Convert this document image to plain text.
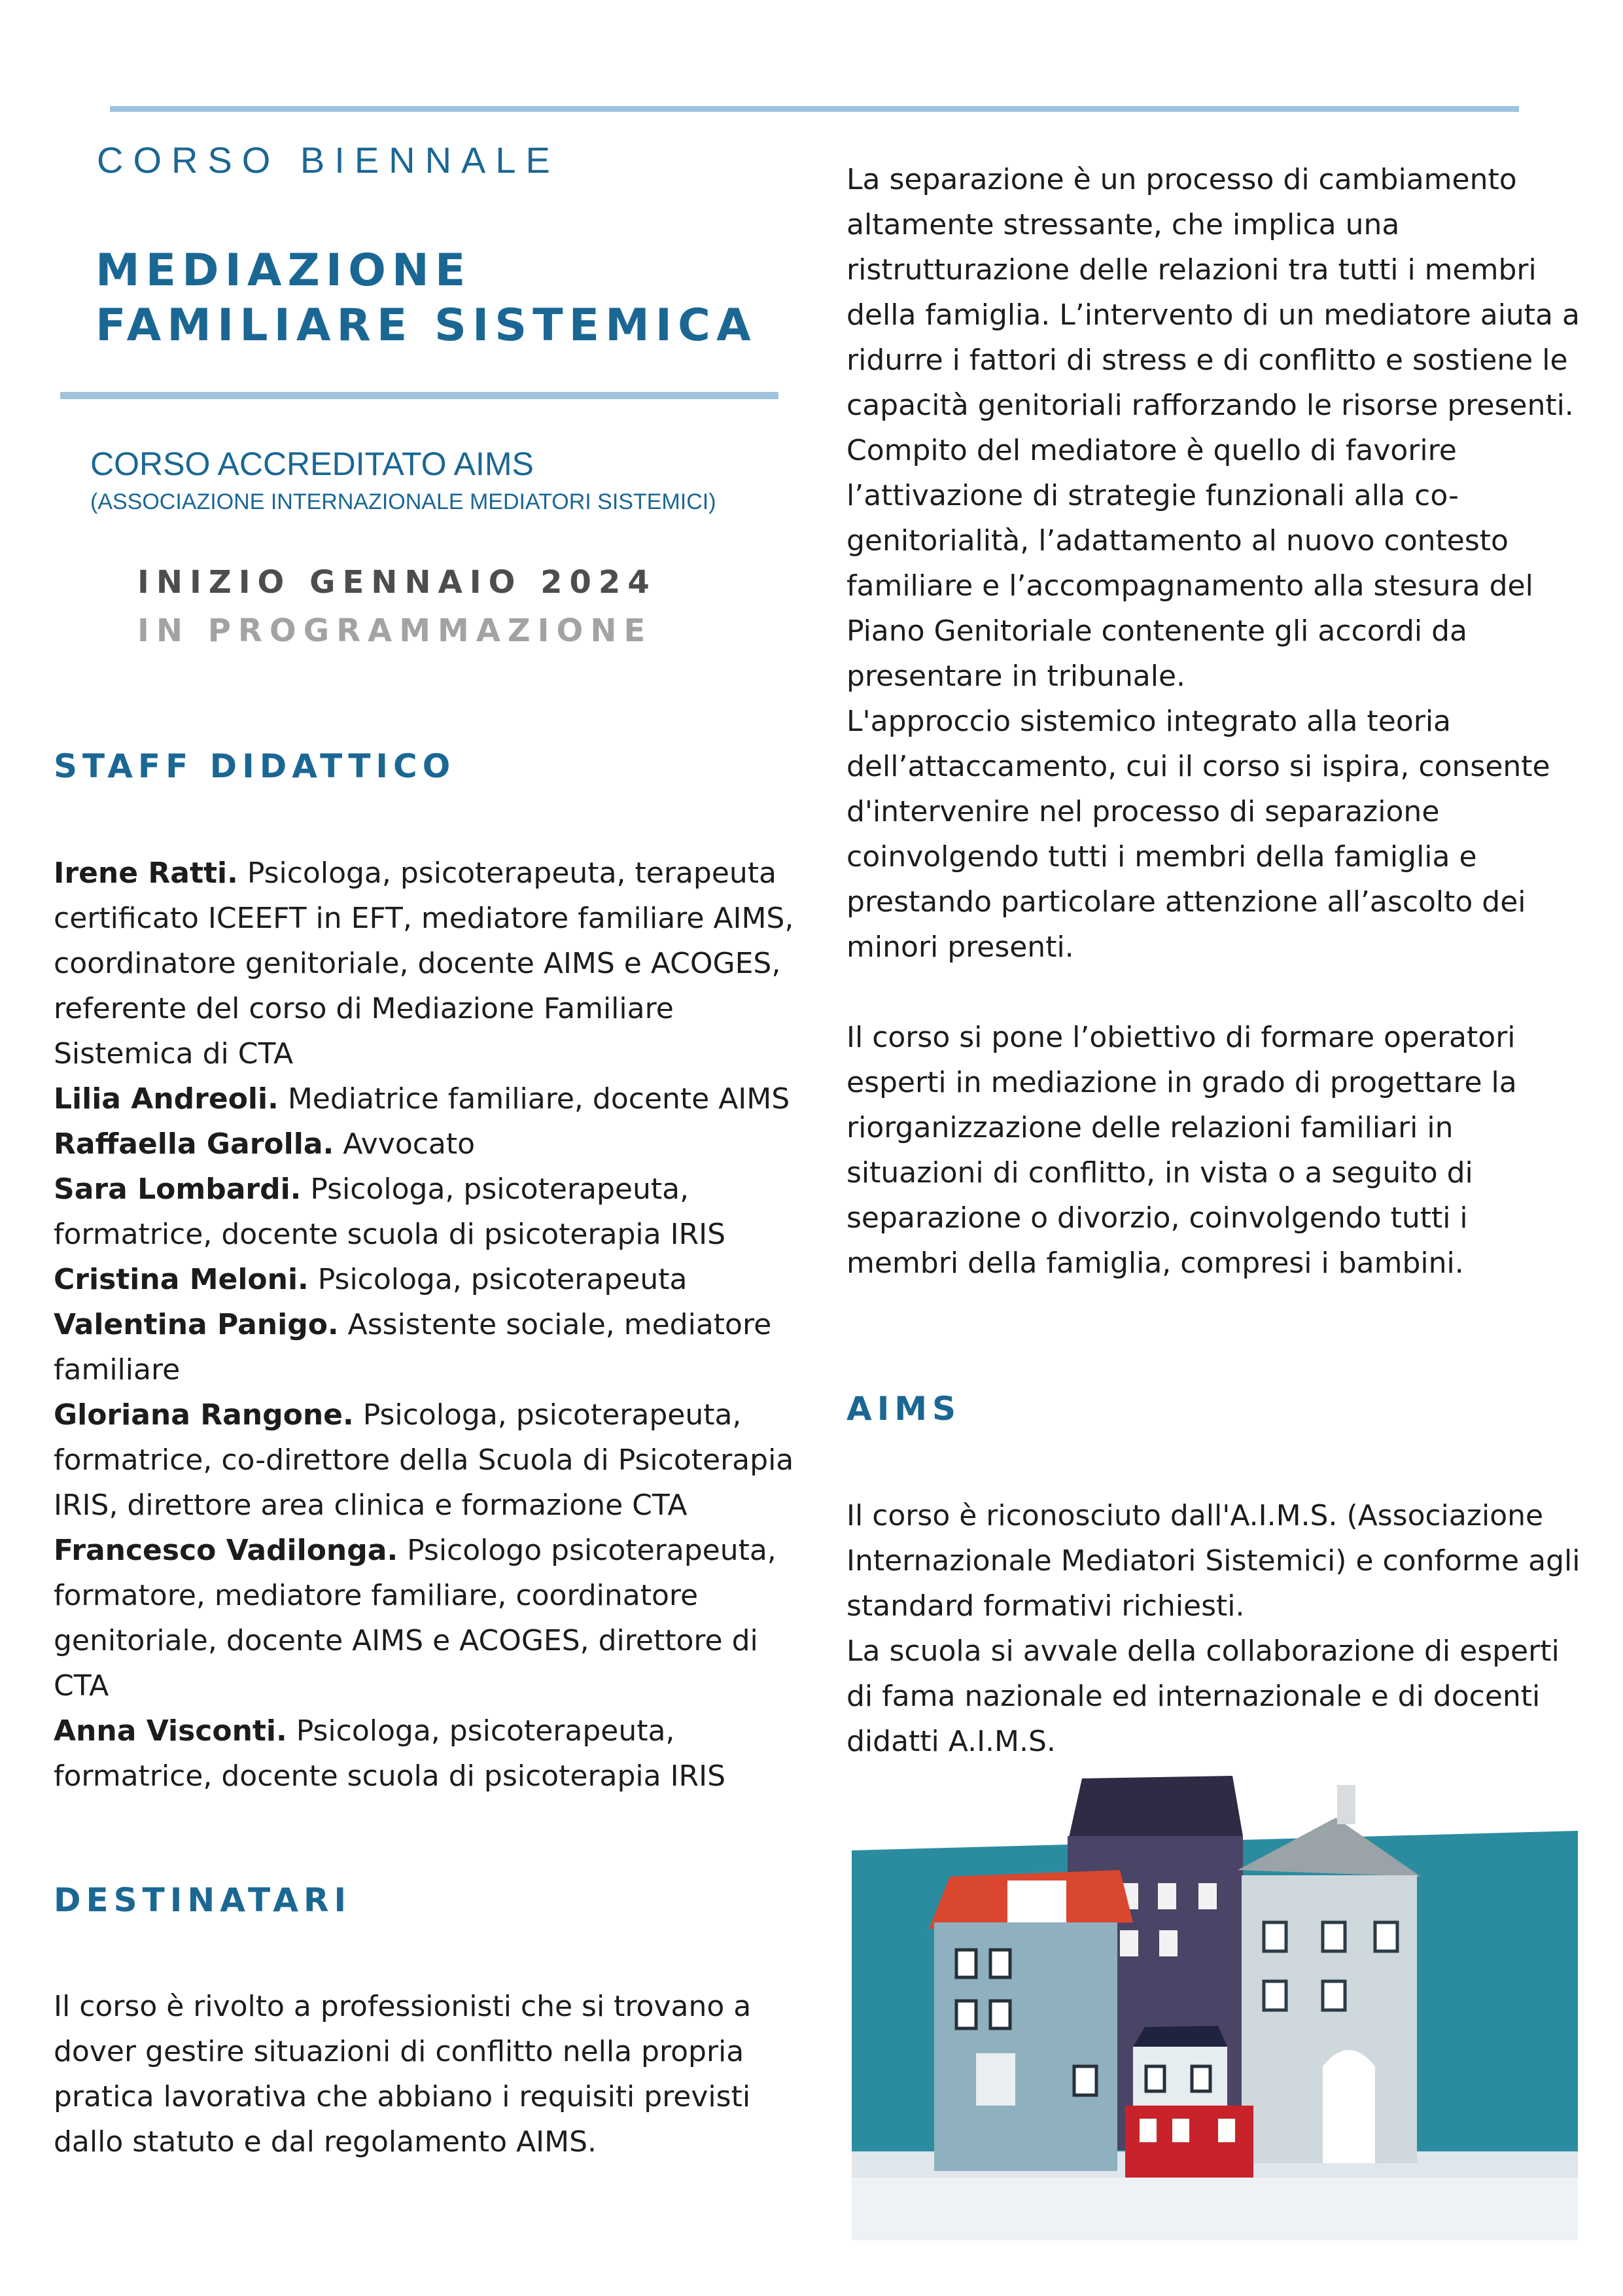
CORSO BIENNALE
MEDIAZIONE
FAMILIARE SISTEMICA
CORSO ACCREDITATO AIMS
(ASSOCIAZIONE INTERNAZIONALE MEDIATORI SISTEMICI)
INIZIO GENNAIO 2024
IN PROGRAMMAZIONE
STAFF DIDATTICO

Irene Ratti. Psicologa, psicoterapeuta, terapeuta certificato ICEEFT in EFT, mediatore familiare AIMS, coordinatore genitoriale, docente AIMS e ACOGES, referente del corso di Mediazione Familiare Sistemica di CTA

Lilia Andreoli. Mediatrice familiare, docente AIMS

Raffaella Garolla. Avvocato

Sara Lombardi. Psicologa, psicoterapeuta, formatrice, docente scuola di psicoterapia IRIS

Cristina Meloni. Psicologa, psicoterapeuta

Valentina Panigo. Assistente sociale, mediatore familiare

Gloriana Rangone. Psicologa, psicoterapeuta, formatrice, co-direttore della Scuola di Psicoterapia IRIS, direttore area clinica e formazione CTA

Francesco Vadilonga. Psicologo psicoterapeuta, formatore, mediatore familiare, coordinatore genitoriale, docente AIMS e ACOGES, direttore di CTA

Anna Visconti. Psicologa, psicoterapeuta, formatrice, docente scuola di psicoterapia IRIS

DESTINATARI

Il corso è rivolto a professionisti che si trovano a dover gestire situazioni di conflitto nella propria pratica lavorativa che abbiano i requisiti previsti dallo statuto e dal regolamento AIMS.

La separazione è un processo di cambiamento altamente stressante, che implica una ristrutturazione delle relazioni tra tutti i membri della famiglia. L’intervento di un mediatore aiuta a ridurre i fattori di stress e di conflitto e sostiene le capacità genitoriali rafforzando le risorse presenti.

Compito del mediatore è quello di favorire l’attivazione di strategie funzionali alla co-genitorialità, l’adattamento al nuovo contesto familiare e l’accompagnamento alla stesura del Piano Genitoriale contenente gli accordi da presentare in tribunale.

L'approccio sistemico integrato alla teoria dell’attaccamento, cui il corso si ispira, consente d'intervenire nel processo di separazione coinvolgendo tutti i membri della famiglia e prestando particolare attenzione all’ascolto dei minori presenti.

Il corso si pone l’obiettivo di formare operatori esperti in mediazione in grado di progettare la riorganizzazione delle relazioni familiari in situazioni di conflitto, in vista o a seguito di separazione o divorzio, coinvolgendo tutti i membri della famiglia, compresi i bambini.

AIMS

Il corso è riconosciuto dall'A.I.M.S. (Associazione Internazionale Mediatori Sistemici) e conforme agli standard formativi richiesti.

La scuola si avvale della collaborazione di esperti di fama nazionale ed internazionale e di docenti didatti A.I.M.S.
